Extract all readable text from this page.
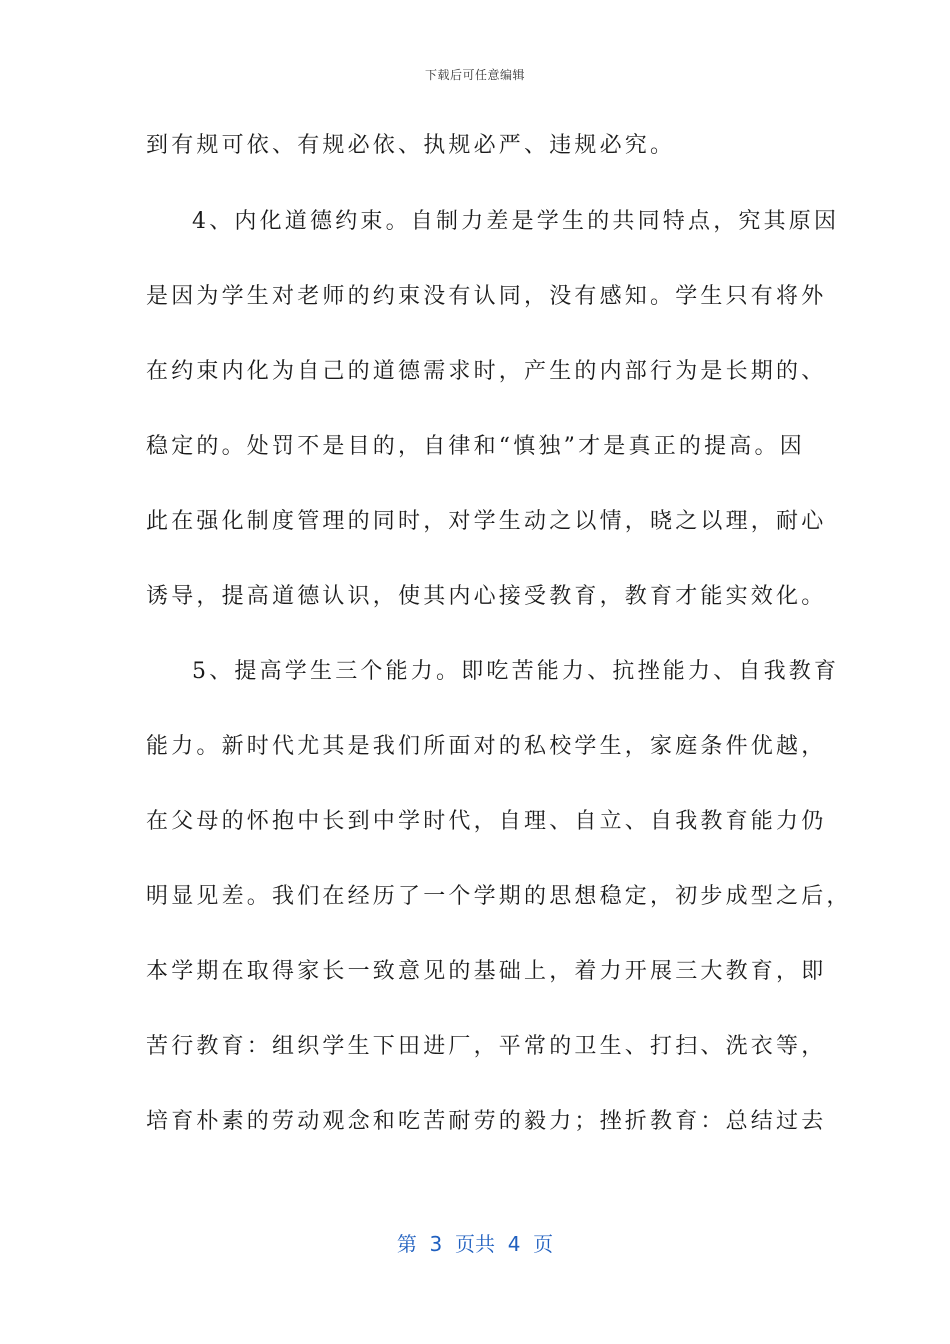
下载后可任意编辑
到有规可依、有规必依、执规必严、违规必究。
4、内化道德约束。自制力差是学生的共同特点，究其原因
是因为学生对老师的约束没有认同，没有感知。学生只有将外
在约束内化为自己的道德需求时，产生的内部行为是长期的、
稳定的。处罚不是目的，自律和“慎独”才是真正的提高。因
此在强化制度管理的同时，对学生动之以情，晓之以理，耐心
诱导，提高道德认识，使其内心接受教育，教育才能实效化。
5、提高学生三个能力。即吃苦能力、抗挫能力、自我教育
能力。新时代尤其是我们所面对的私校学生，家庭条件优越，
在父母的怀抱中长到中学时代，自理、自立、自我教育能力仍
明显见差。我们在经历了一个学期的思想稳定，初步成型之后，
本学期在取得家长一致意见的基础上，着力开展三大教育，即
苦行教育：组织学生下田进厂，平常的卫生、打扫、洗衣等，
培育朴素的劳动观念和吃苦耐劳的毅力；挫折教育：总结过去
第  3  页共  4  页
